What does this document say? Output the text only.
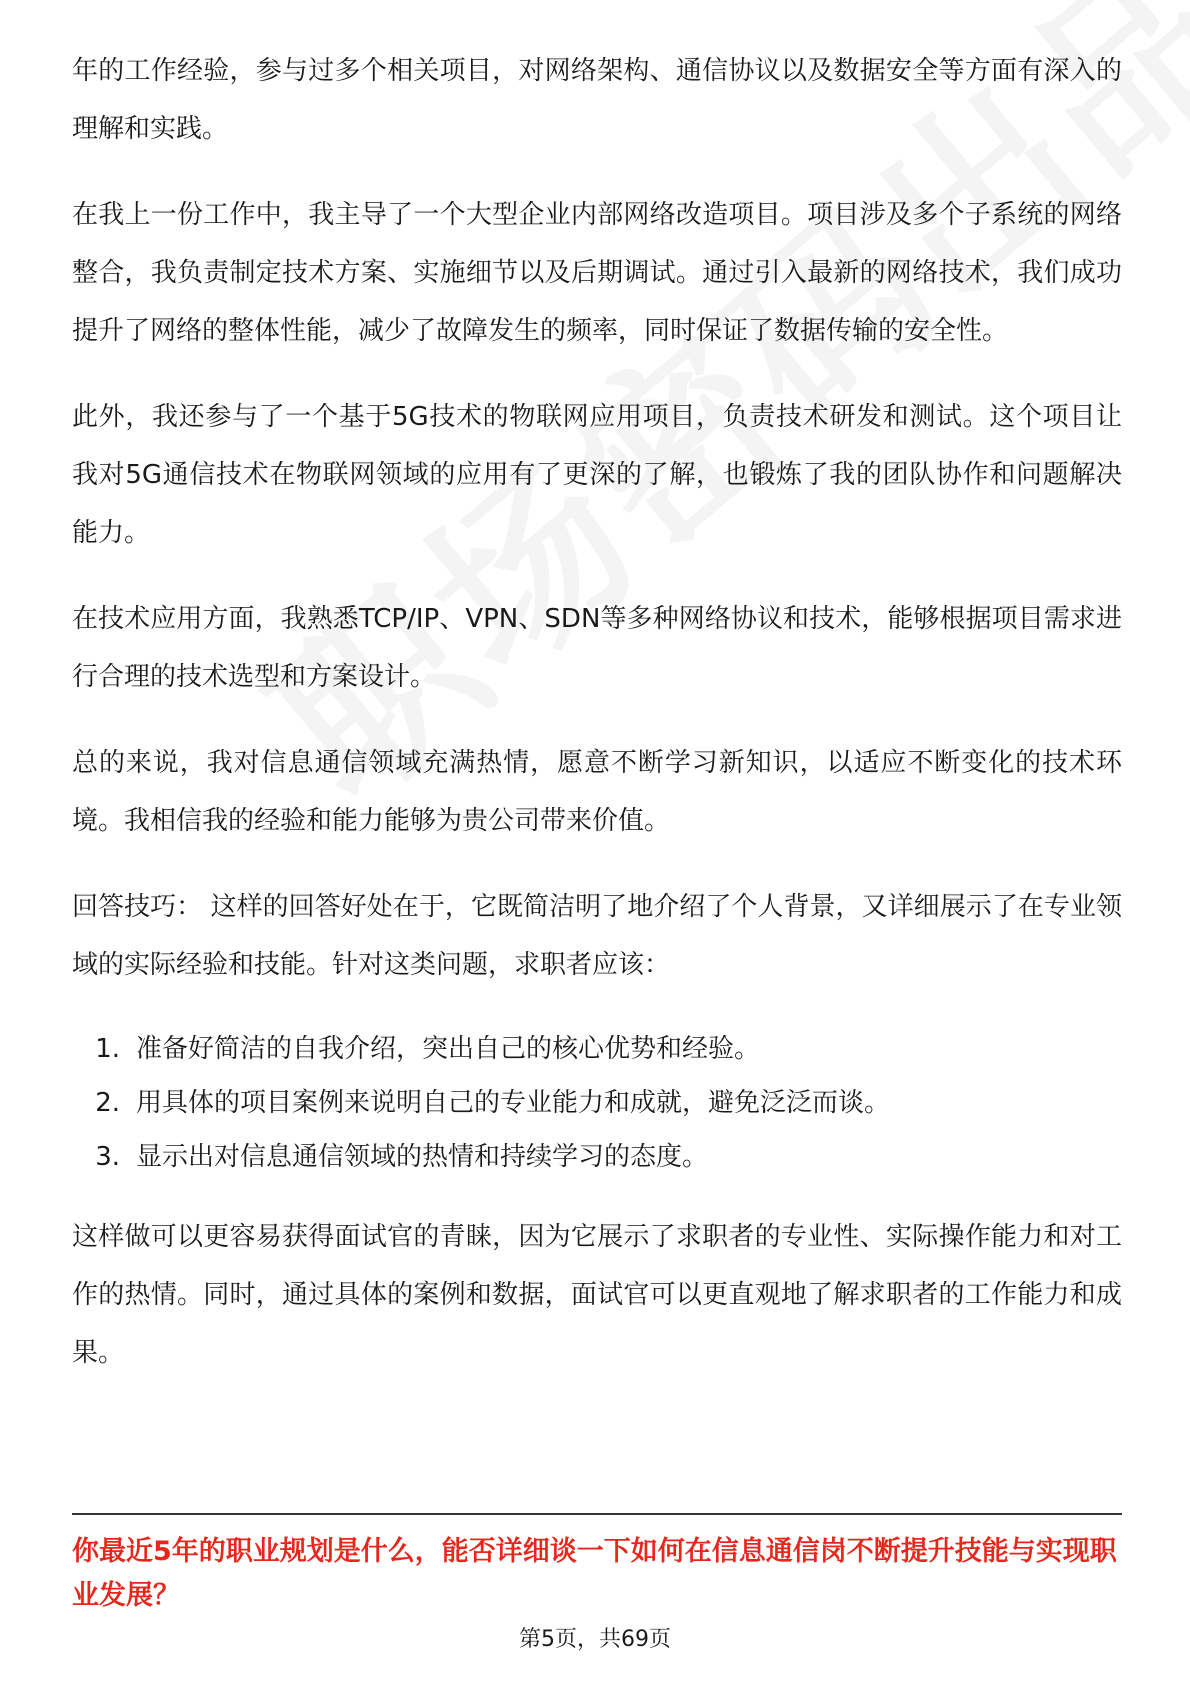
年的工作经验，参与过多个相关项目，对网络架构、通信协议以及数据安全等方面有深入的理解和实践。

在我上一份工作中，我主导了一个大型企业内部网络改造项目。项目涉及多个子系统的网络整合，我负责制定技术方案、实施细节以及后期调试。通过引入最新的网络技术，我们成功提升了网络的整体性能，减少了故障发生的频率，同时保证了数据传输的安全性。

此外，我还参与了一个基于5G技术的物联网应用项目，负责技术研发和测试。这个项目让我对5G通信技术在物联网领域的应用有了更深的了解，也锻炼了我的团队协作和问题解决能力。

在技术应用方面，我熟悉TCP/IP、VPN、SDN等多种网络协议和技术，能够根据项目需求进行合理的技术选型和方案设计。

总的来说，我对信息通信领域充满热情，愿意不断学习新知识，以适应不断变化的技术环境。我相信我的经验和能力能够为贵公司带来价值。

回答技巧： 这样的回答好处在于，它既简洁明了地介绍了个人背景，又详细展示了在专业领域的实际经验和技能。针对这类问题，求职者应该：

1. 准备好简洁的自我介绍，突出自己的核心优势和经验。
2. 用具体的项目案例来说明自己的专业能力和成就，避免泛泛而谈。
3. 显示出对信息通信领域的热情和持续学习的态度。

这样做可以更容易获得面试官的青睐，因为它展示了求职者的专业性、实际操作能力和对工作的热情。同时，通过具体的案例和数据，面试官可以更直观地了解求职者的工作能力和成果。

你最近5年的职业规划是什么，能否详细谈一下如何在信息通信岗不断提升技能与实现职业发展？
第5页，共69页
